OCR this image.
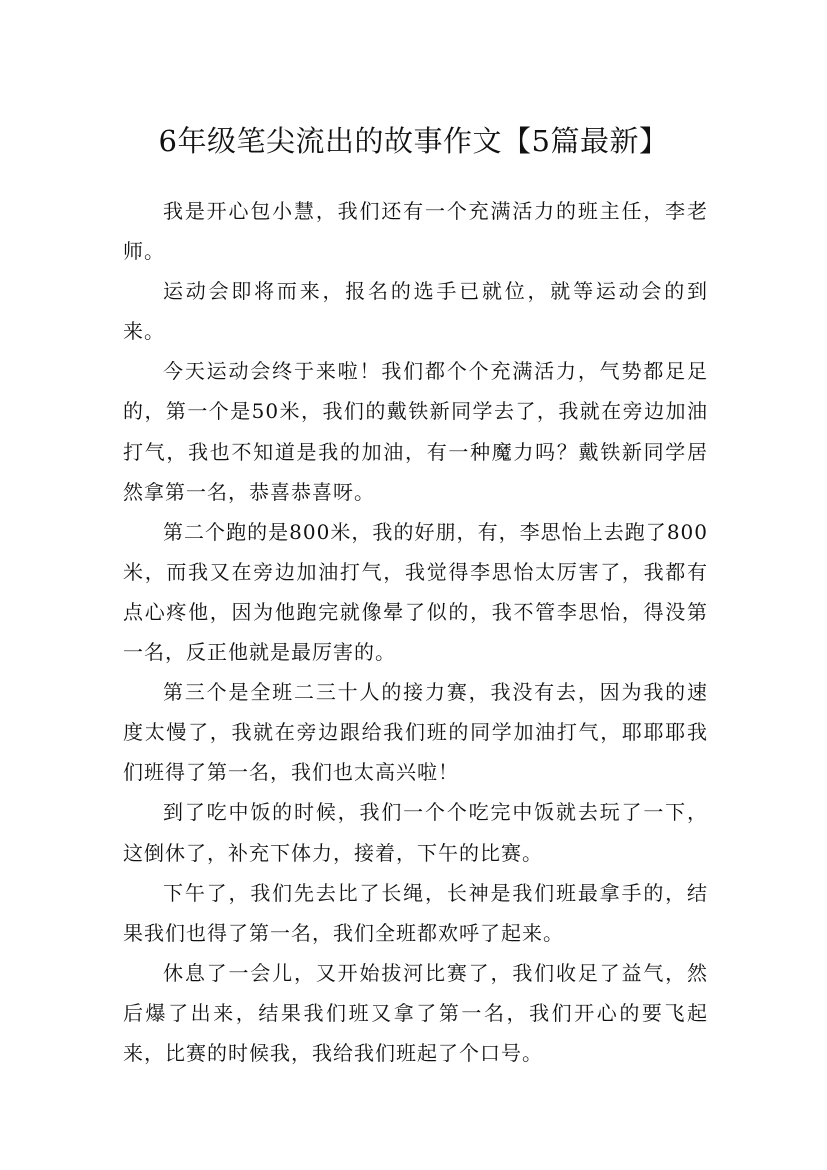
6年级笔尖流出的故事作文【5篇最新】

我是开心包小慧，我们还有一个充满活力的班主任，李老师。

运动会即将而来，报名的选手已就位，就等运动会的到来。

今天运动会终于来啦！我们都个个充满活力，气势都足足的，第一个是50米，我们的戴铁新同学去了，我就在旁边加油打气，我也不知道是我的加油，有一种魔力吗？戴铁新同学居然拿第一名，恭喜恭喜呀。

第二个跑的是800米，我的好朋，有，李思怡上去跑了800米，而我又在旁边加油打气，我觉得李思怡太厉害了，我都有点心疼他，因为他跑完就像晕了似的，我不管李思怡，得没第一名，反正他就是最厉害的。

第三个是全班二三十人的接力赛，我没有去，因为我的速度太慢了，我就在旁边跟给我们班的同学加油打气，耶耶耶我们班得了第一名，我们也太高兴啦！

到了吃中饭的时候，我们一个个吃完中饭就去玩了一下，这倒休了，补充下体力，接着，下午的比赛。

下午了，我们先去比了长绳，长神是我们班最拿手的，结果我们也得了第一名，我们全班都欢呼了起来。

休息了一会儿，又开始拔河比赛了，我们收足了益气，然后爆了出来，结果我们班又拿了第一名，我们开心的要飞起来，比赛的时候我，我给我们班起了个口号。
